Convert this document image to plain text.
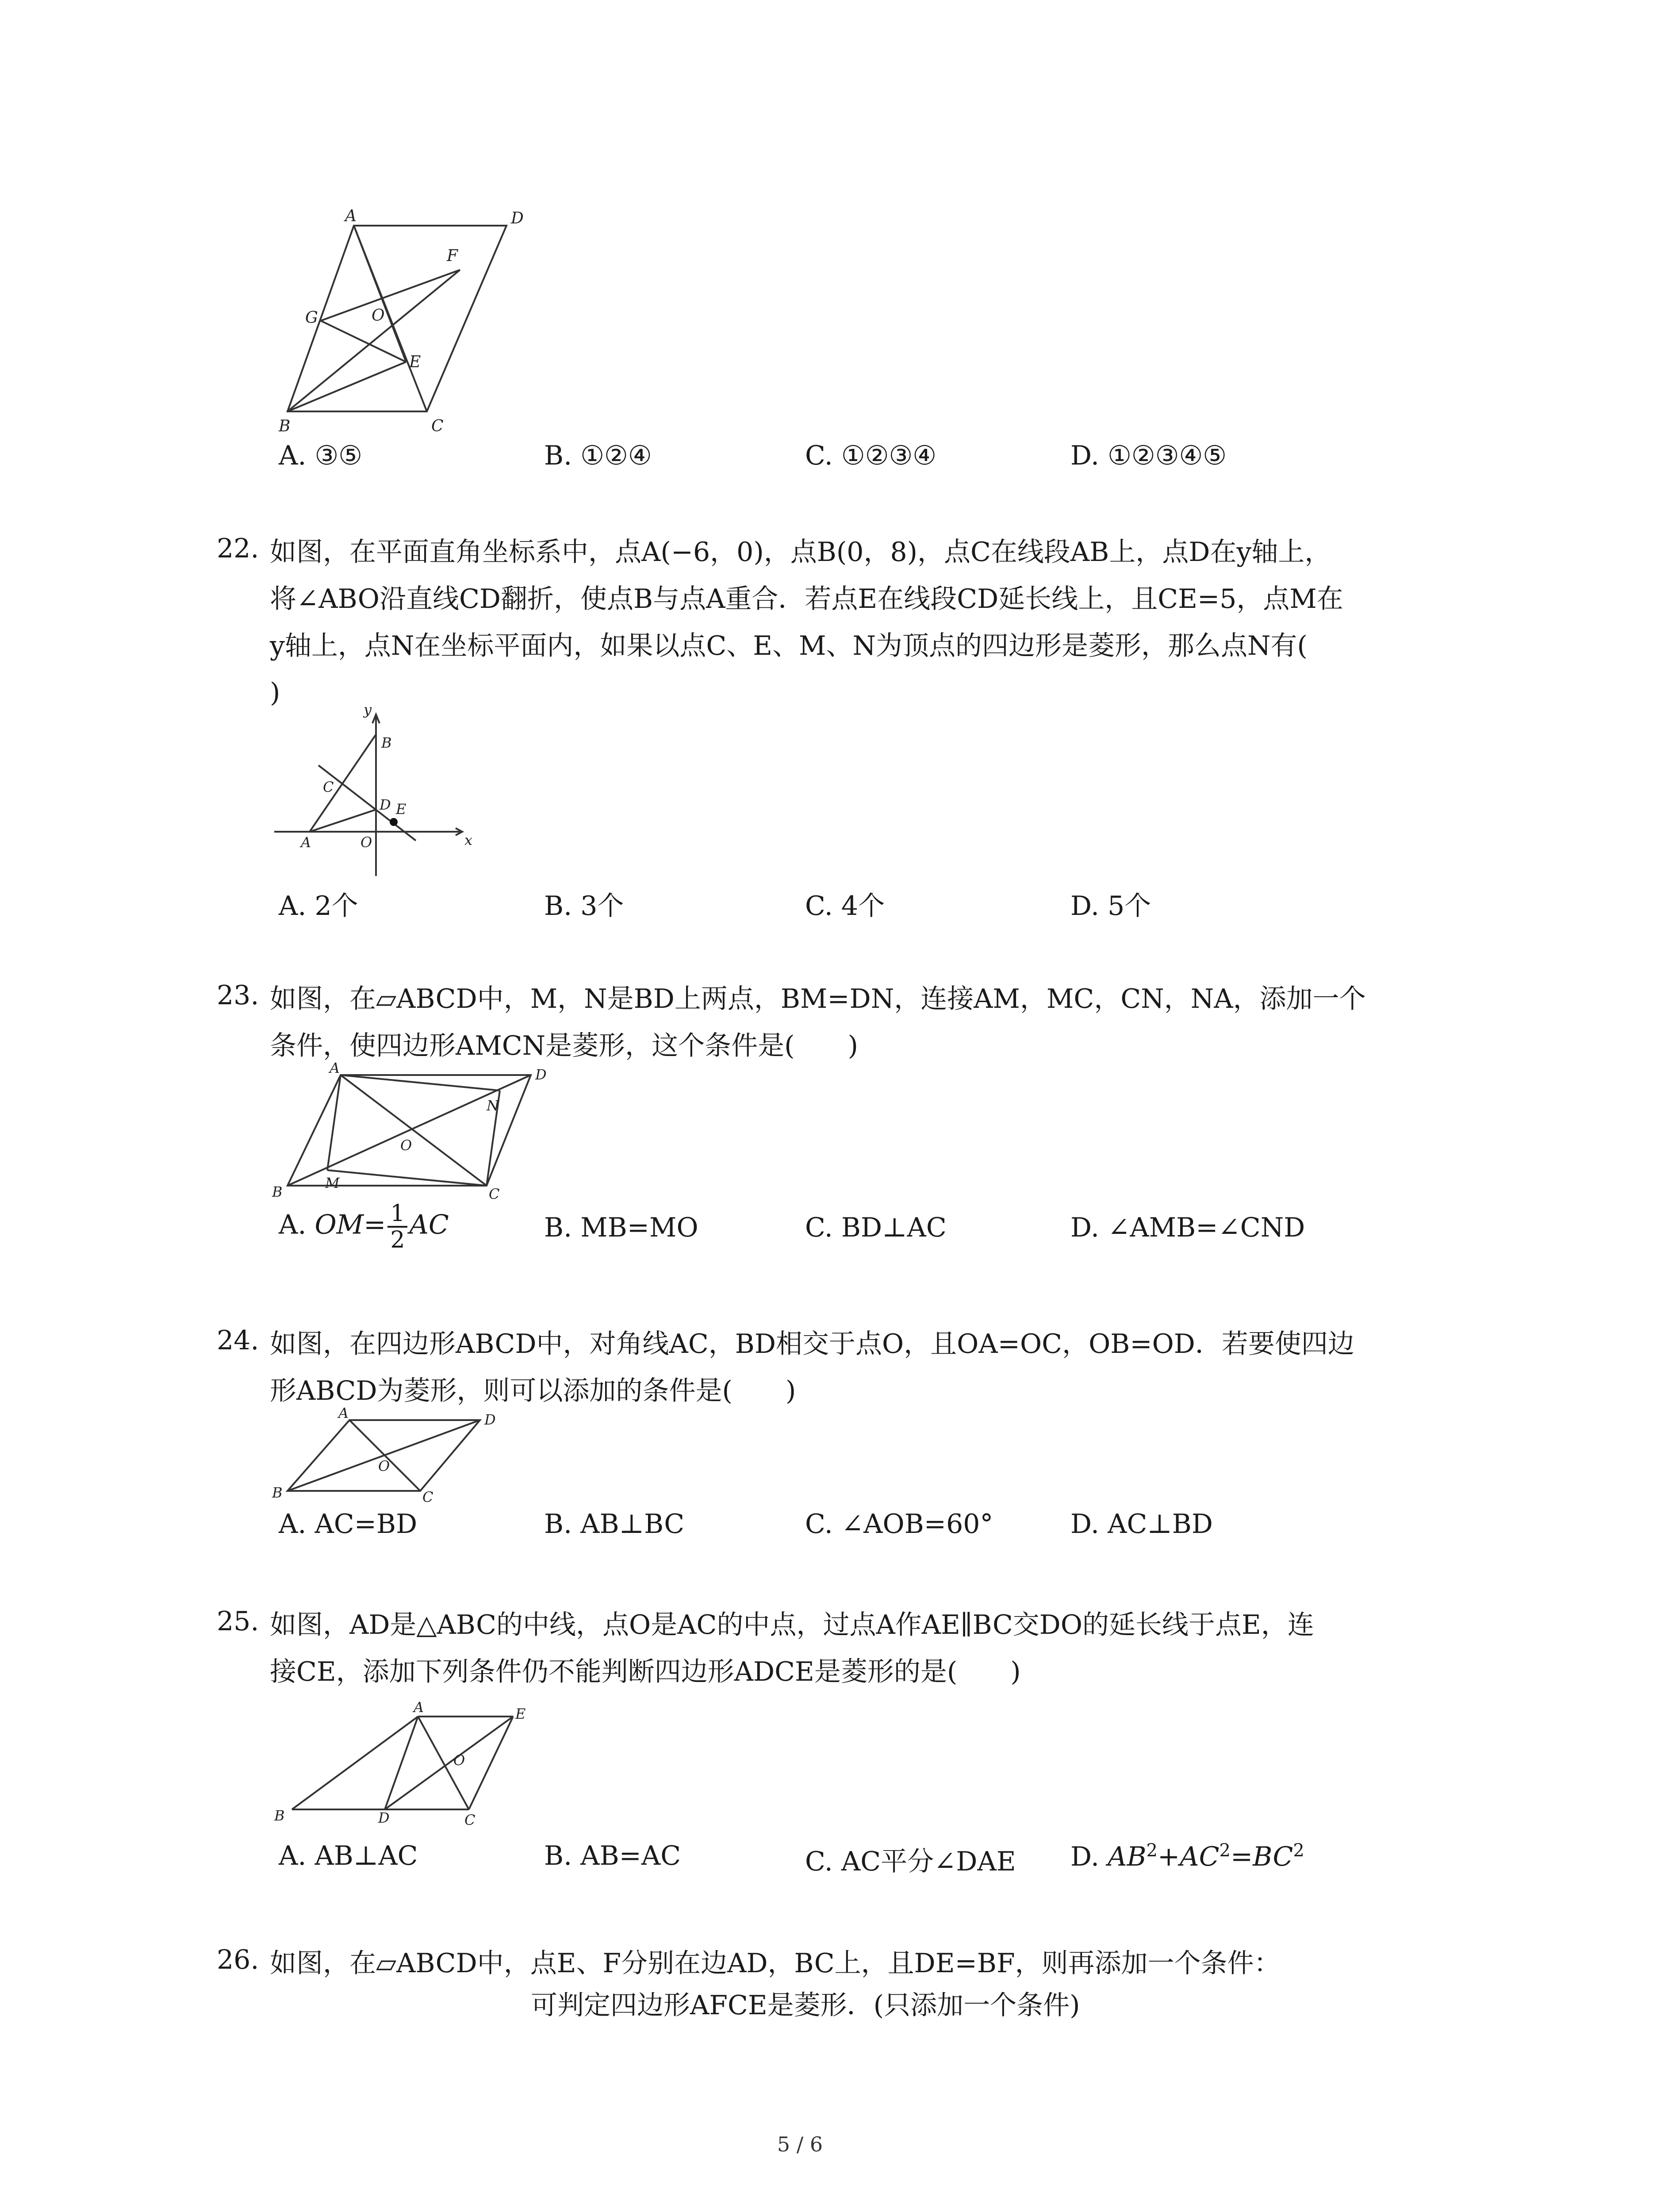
A	D
F
G	O
E
B	C
A. ③⑤	B. ①②④	C. ①②③④	D. ①②③④⑤
22. 如图，在平面直角坐标系中，点A(−6，0)，点B(0，8)，点C在线段AB上，点D在y轴上，
将∠ABO沿直线CD翻折，使点B与点A重合．若点E在线段CD延长线上，且CE=5，点M在
y轴上，点N在坐标平面内，如果以点C、E、M、N为顶点的四边形是菱形，那么点N有(
)
y
x
B
C
D E
A	O
A. 2个	B. 3个	C. 4个	D. 5个
23. 如图，在▱ABCD中，M，N是BD上两点，BM=DN，连接AM，MC，CN，NA，添加一个
条件，使四边形AMCN是菱形，这个条件是(　　)
A	D
N
O
M
B	C
A. $OM= \frac{1}{2}$ AC	B. MB=MO	C. BD⊥AC	D. ∠AMB=∠CND
24. 如图，在四边形ABCD中，对角线AC，BD相交于点O，且OA=OC，OB=OD．若要使四边
形ABCD为菱形，则可以添加的条件是(　　)
A	D
O
B	C
A. AC=BD	B. AB⊥BC	C. ∠AOB=60°	D. AC⊥BD
25. 如图，AD是△ABC的中线，点O是AC的中点，过点A作AE∥BC交DO的延长线于点E，连
接CE，添加下列条件仍不能判断四边形ADCE是菱形的是(　　)
A	E
O
B	D	C
A. AB⊥AC	B. AB=AC	C. AC平分∠DAE D. $AB^2+AC^2=BC^2$
26. 如图，在▱ABCD中，点E、F分别在边AD，BC上，且DE=BF，则再添加一个条件：
可判定四边形AFCE是菱形．(只添加一个条件)
5 / 6
